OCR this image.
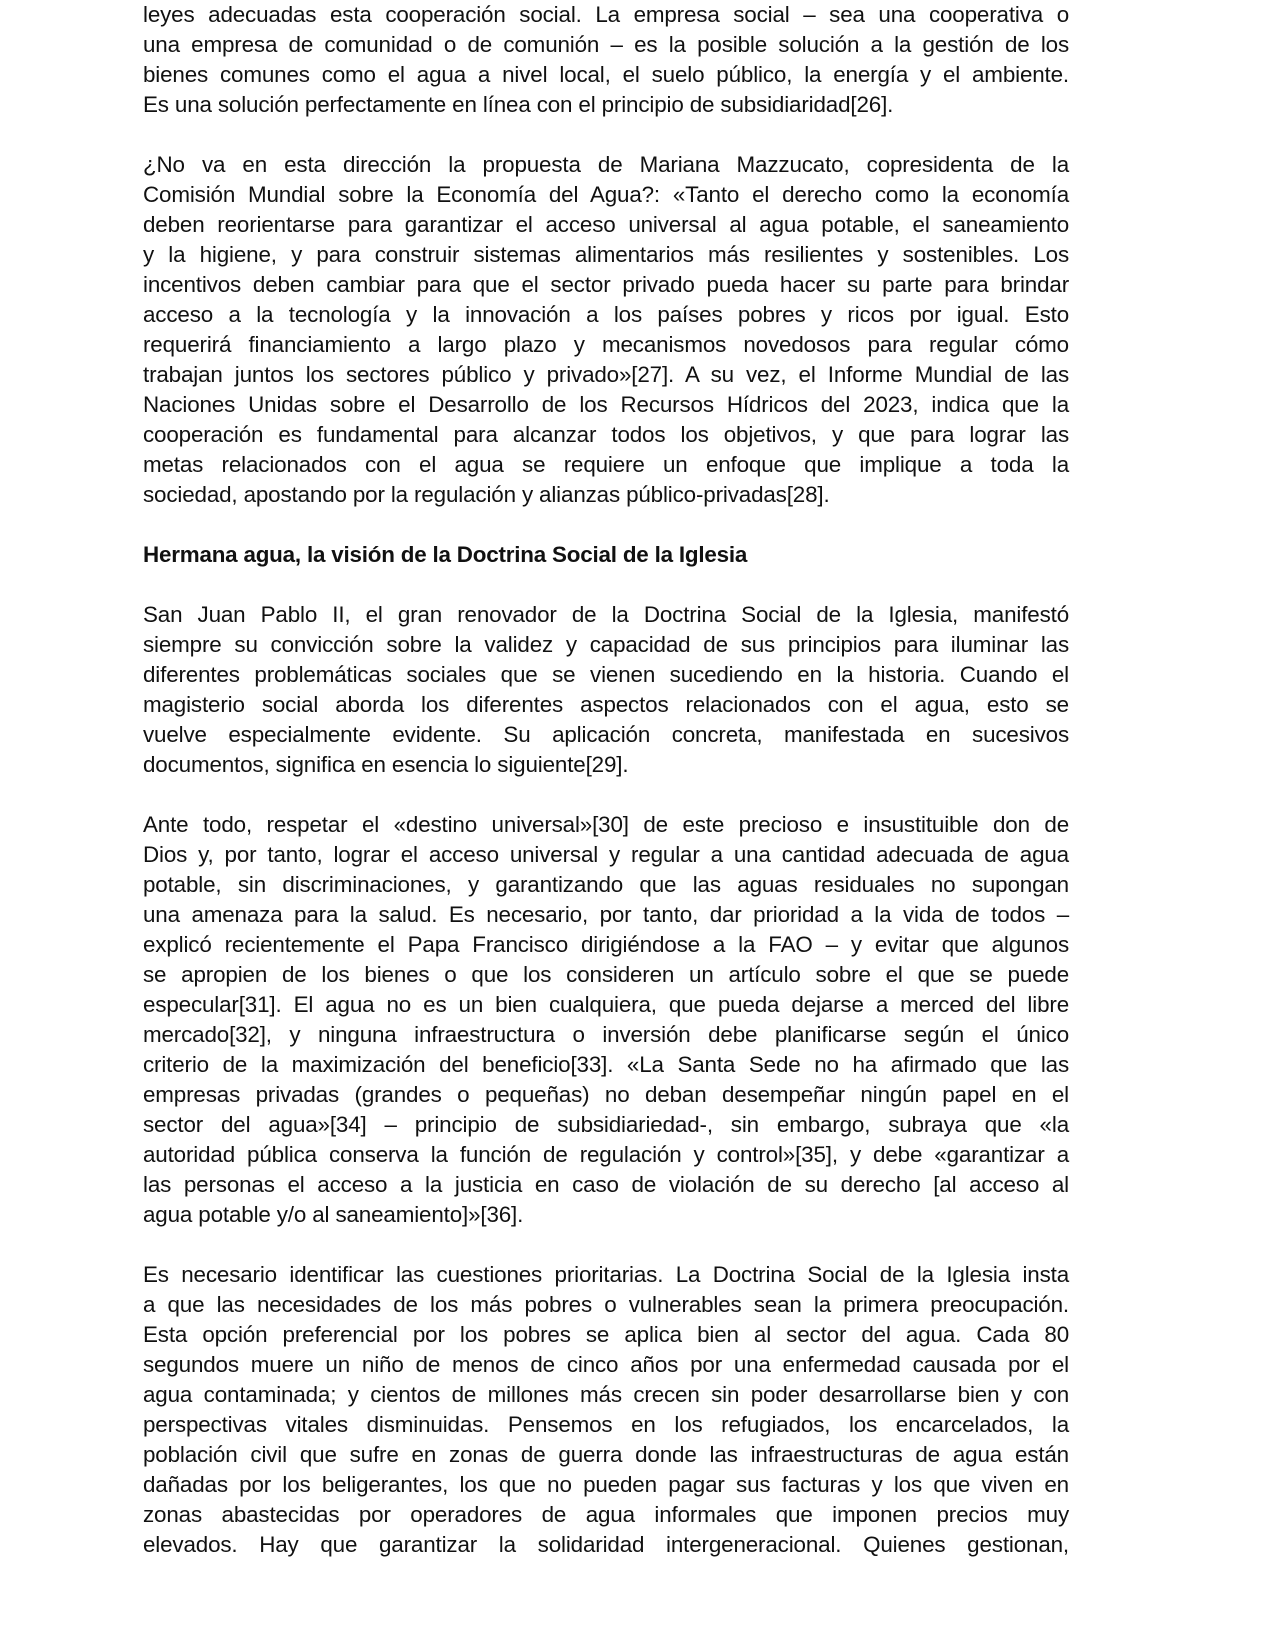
leyes adecuadas esta cooperación social. La empresa social – sea una cooperativa o
una empresa de comunidad o de comunión – es la posible solución a la gestión de los
bienes comunes como el agua a nivel local, el suelo público, la energía y el ambiente.
Es una solución perfectamente en línea con el principio de subsidiaridad[26].
¿No va en esta dirección la propuesta de Mariana Mazzucato, copresidenta de la
Comisión Mundial sobre la Economía del Agua?: «Tanto el derecho como la economía
deben reorientarse para garantizar el acceso universal al agua potable, el saneamiento
y la higiene, y para construir sistemas alimentarios más resilientes y sostenibles. Los
incentivos deben cambiar para que el sector privado pueda hacer su parte para brindar
acceso a la tecnología y la innovación a los países pobres y ricos por igual. Esto
requerirá financiamiento a largo plazo y mecanismos novedosos para regular cómo
trabajan juntos los sectores público y privado»[27]. A su vez, el Informe Mundial de las
Naciones Unidas sobre el Desarrollo de los Recursos Hídricos del 2023, indica que la
cooperación es fundamental para alcanzar todos los objetivos, y que para lograr las
metas relacionados con el agua se requiere un enfoque que implique a toda la
sociedad, apostando por la regulación y alianzas público-privadas[28].
Hermana agua, la visión de la Doctrina Social de la Iglesia
San Juan Pablo II, el gran renovador de la Doctrina Social de la Iglesia, manifestó
siempre su convicción sobre la validez y capacidad de sus principios para iluminar las
diferentes problemáticas sociales que se vienen sucediendo en la historia. Cuando el
magisterio social aborda los diferentes aspectos relacionados con el agua, esto se
vuelve especialmente evidente. Su aplicación concreta, manifestada en sucesivos
documentos, significa en esencia lo siguiente[29].
Ante todo, respetar el «destino universal»[30] de este precioso e insustituible don de
Dios y, por tanto, lograr el acceso universal y regular a una cantidad adecuada de agua
potable, sin discriminaciones, y garantizando que las aguas residuales no supongan
una amenaza para la salud. Es necesario, por tanto, dar prioridad a la vida de todos –
explicó recientemente el Papa Francisco dirigiéndose a la FAO – y evitar que algunos
se apropien de los bienes o que los consideren un artículo sobre el que se puede
especular[31]. El agua no es un bien cualquiera, que pueda dejarse a merced del libre
mercado[32], y ninguna infraestructura o inversión debe planificarse según el único
criterio de la maximización del beneficio[33]. «La Santa Sede no ha afirmado que las
empresas privadas (grandes o pequeñas) no deban desempeñar ningún papel en el
sector del agua»[34] – principio de subsidiariedad-, sin embargo, subraya que «la
autoridad pública conserva la función de regulación y control»[35], y debe «garantizar a
las personas el acceso a la justicia en caso de violación de su derecho [al acceso al
agua potable y/o al saneamiento]»[36].
Es necesario identificar las cuestiones prioritarias. La Doctrina Social de la Iglesia insta
a que las necesidades de los más pobres o vulnerables sean la primera preocupación.
Esta opción preferencial por los pobres se aplica bien al sector del agua. Cada 80
segundos muere un niño de menos de cinco años por una enfermedad causada por el
agua contaminada; y cientos de millones más crecen sin poder desarrollarse bien y con
perspectivas vitales disminuidas. Pensemos en los refugiados, los encarcelados, la
población civil que sufre en zonas de guerra donde las infraestructuras de agua están
dañadas por los beligerantes, los que no pueden pagar sus facturas y los que viven en
zonas abastecidas por operadores de agua informales que imponen precios muy
elevados. Hay que garantizar la solidaridad intergeneracional. Quienes gestionan,
